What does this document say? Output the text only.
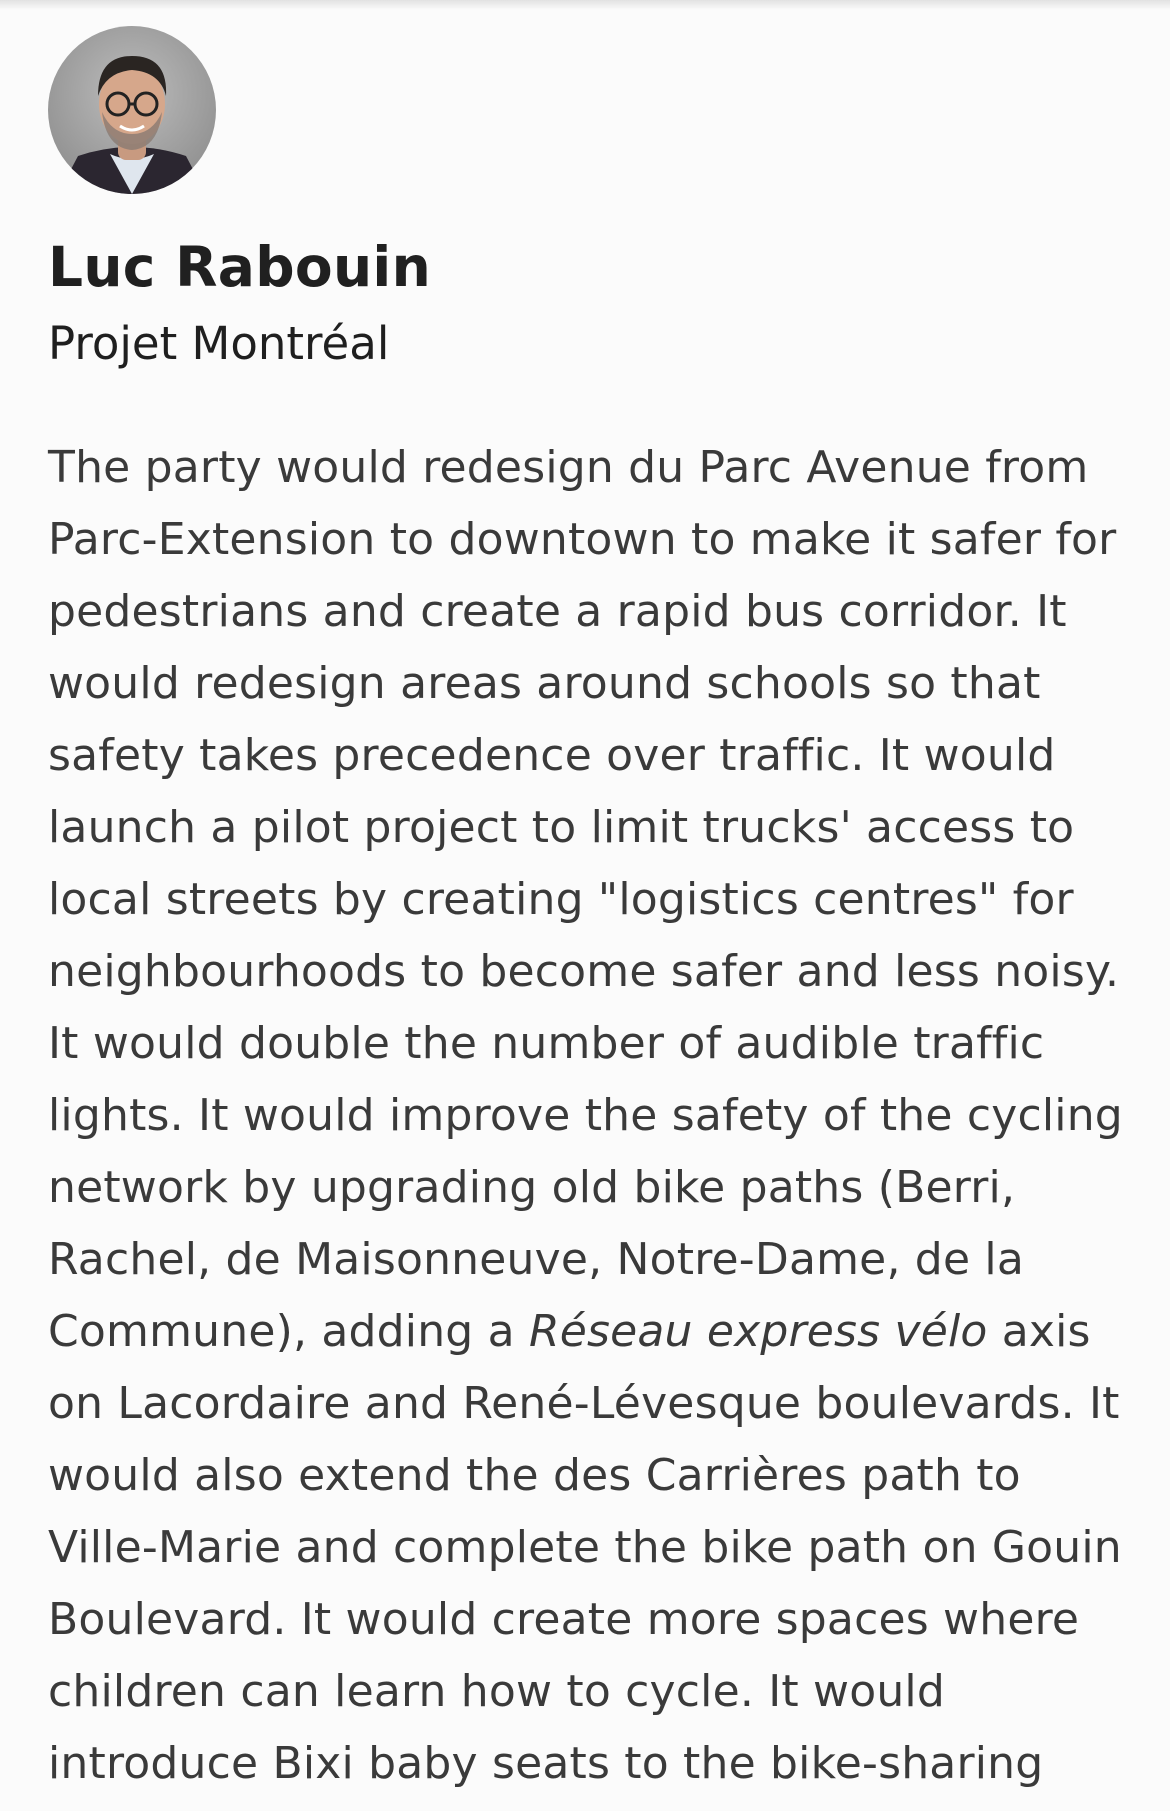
Luc Rabouin
Projet Montréal
The party would redesign du Parc Avenue from Parc-Extension to downtown to make it safer for pedestrians and create a rapid bus corridor. It would redesign areas around schools so that safety takes precedence over traffic. It would launch a pilot project to limit trucks' access to local streets by creating "logistics centres" for neighbourhoods to become safer and less noisy. It would double the number of audible traffic lights. It would improve the safety of the cycling network by upgrading old bike paths (Berri, Rachel, de Maisonneuve, Notre-Dame, de la Commune), adding a Réseau express vélo axis on Lacordaire and René-Lévesque boulevards. It would also extend the des Carrières path to Ville-Marie and complete the bike path on Gouin Boulevard. It would create more spaces where children can learn how to cycle. It would introduce Bixi baby seats to the bike-sharing
